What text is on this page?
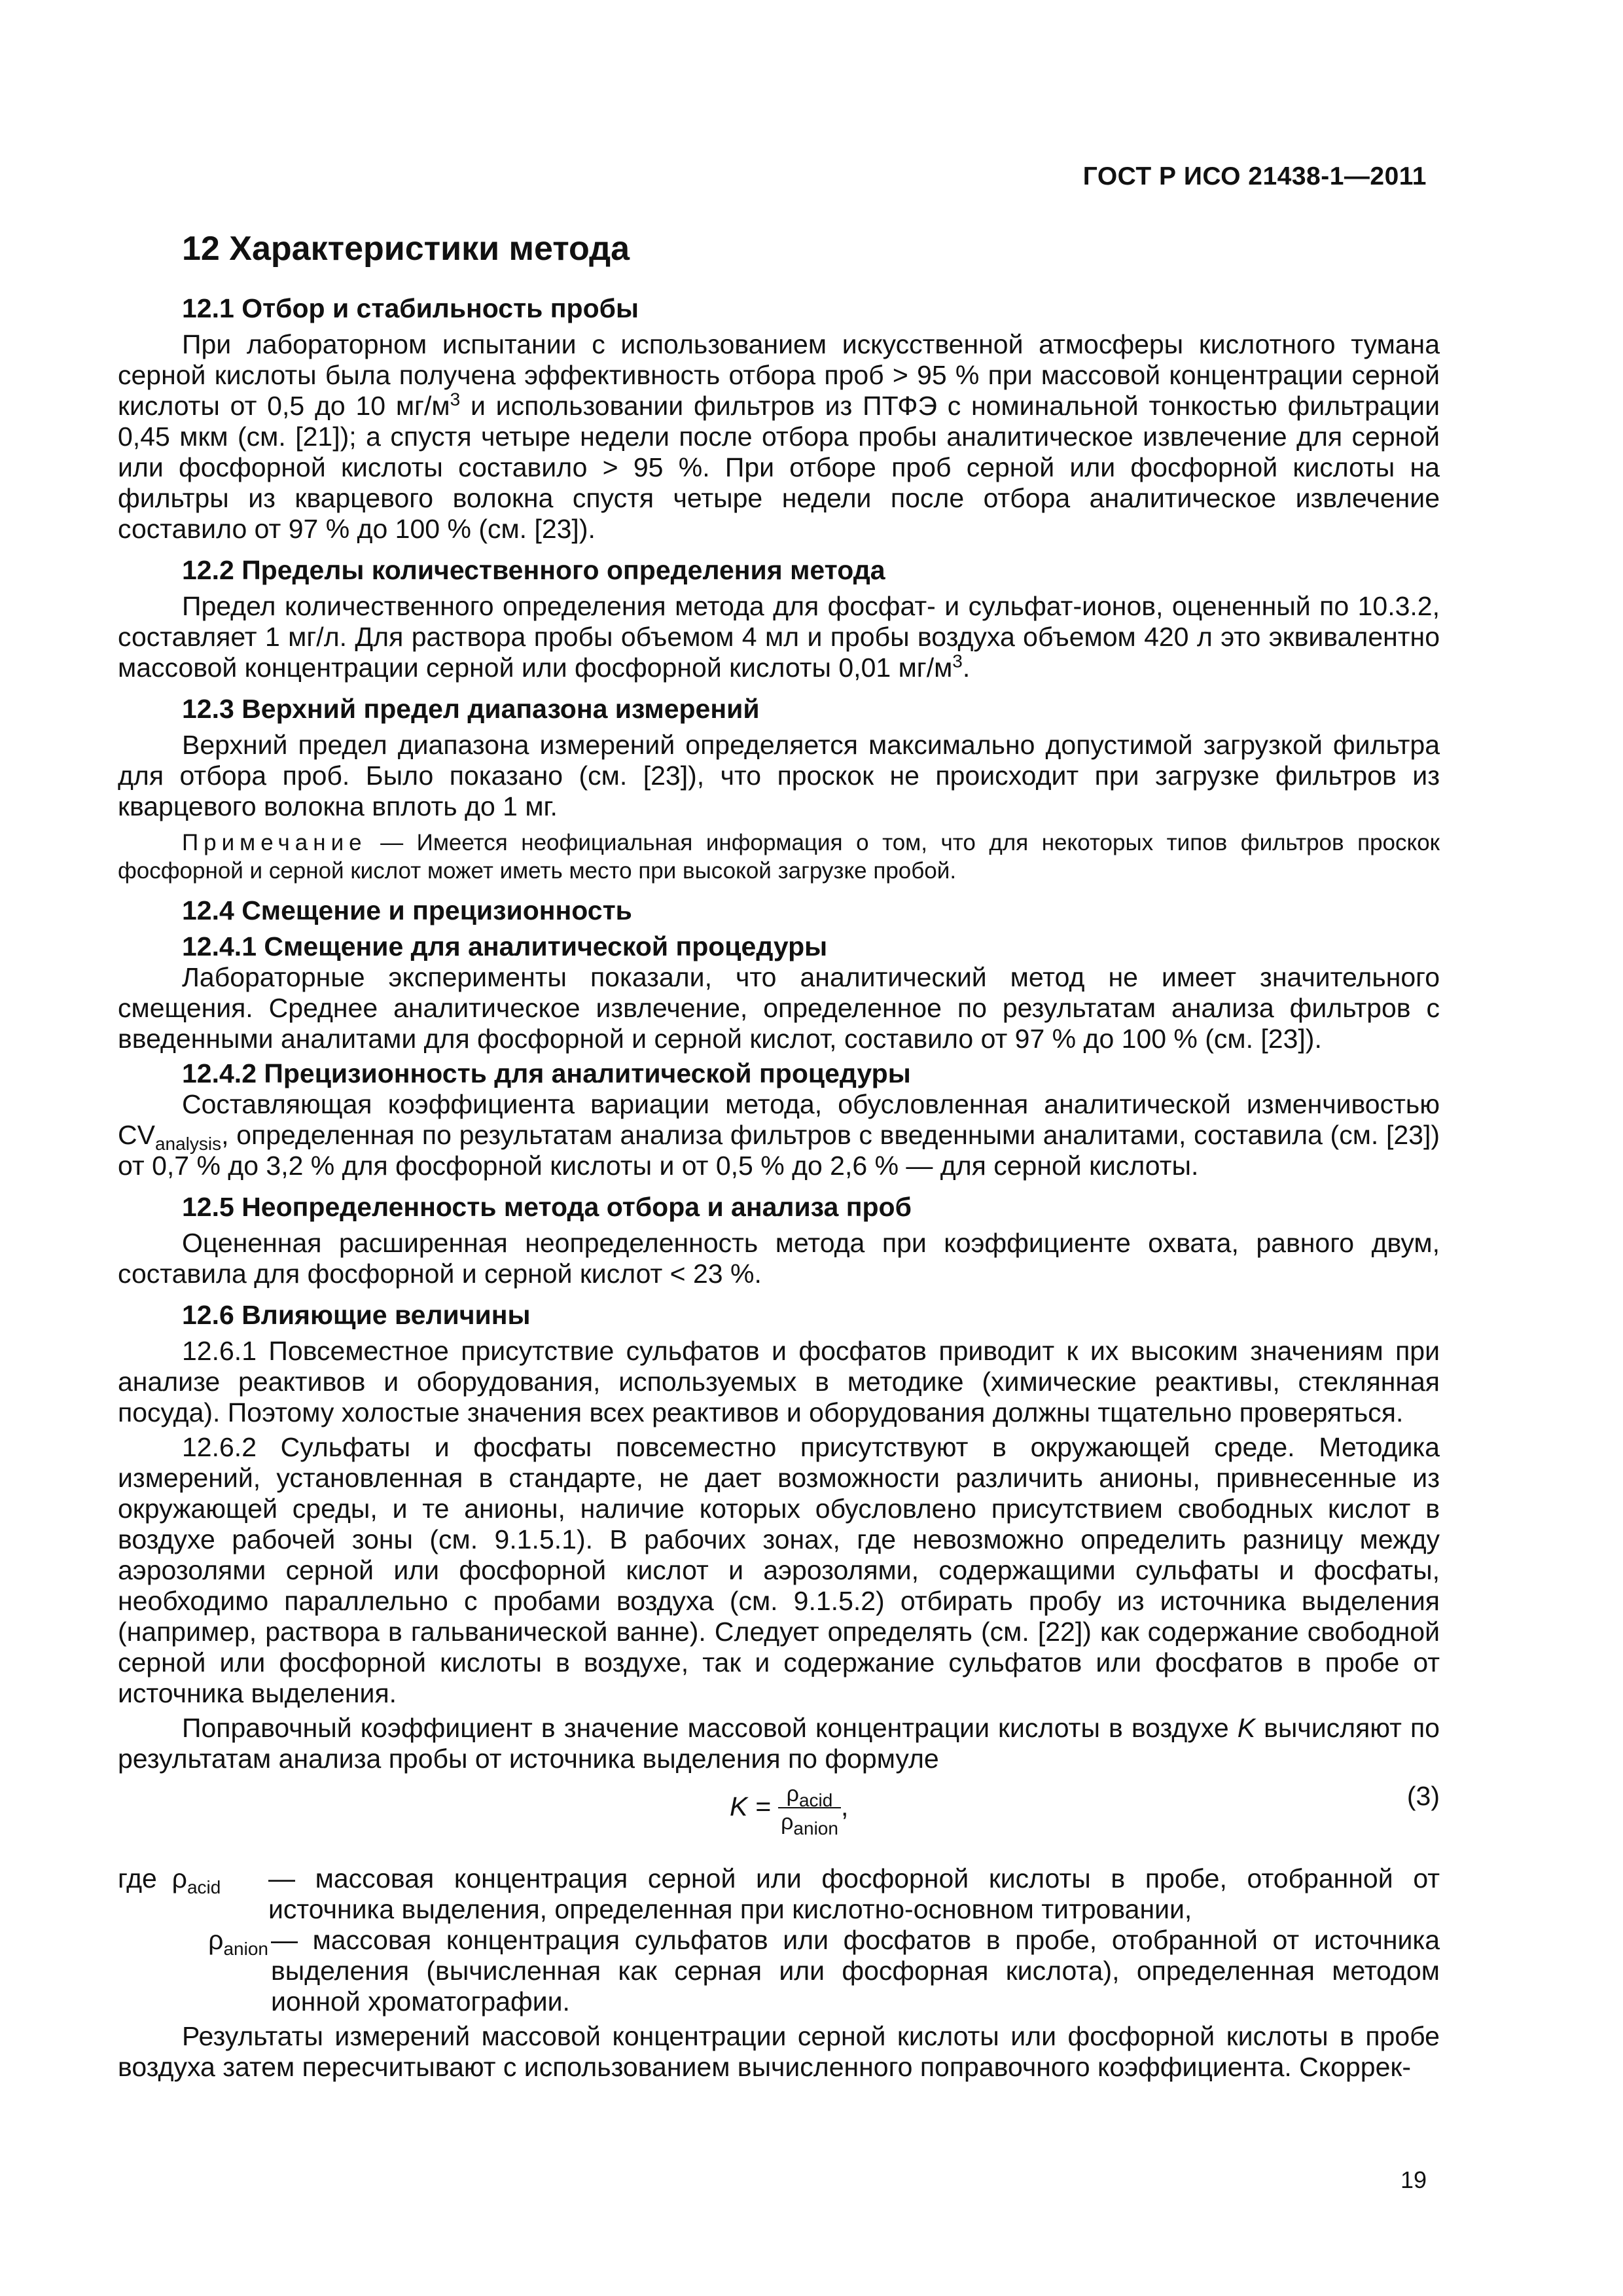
ГОСТ Р ИСО 21438-1—2011
12 Характеристики метода
12.1 Отбор и стабильность пробы

При лабораторном испытании с использованием искусственной атмосферы кислотного тумана серной кислоты была получена эффективность отбора проб > 95 % при массовой концентрации серной кислоты от 0,5 до 10 $мг/м^3$ и использовании фильтров из ПТФЭ с номинальной тонкостью фильтрации 0,45 мкм (см. [21]); а спустя четыре недели после отбора пробы аналитическое извлечение для серной или фосфорной кислоты составило > 95 %. При отборе проб серной или фосфорной кислоты на фильтры из кварцевого волокна спустя четыре недели после отбора аналитическое извлечение составило от 97 % до 100 % (см. [23]).

12.2 Пределы количественного определения метода

Предел количественного определения метода для фосфат- и сульфат-ионов, оцененный по 10.3.2, составляет 1 мг/л. Для раствора пробы объемом 4 мл и пробы воздуха объемом 420 л это эквивалентно массовой концентрации серной или фосфорной кислоты 0,01 $мг/м^3$.

12.3 Верхний предел диапазона измерений

Верхний предел диапазона измерений определяется максимально допустимой загрузкой фильтра для отбора проб. Было показано (см. [23]), что проскок не происходит при загрузке фильтров из кварцевого волокна вплоть до 1 мг.

Примечание — Имеется неофициальная информация о том, что для некоторых типов фильтров проскок фосфорной и серной кислот может иметь место при высокой загрузке пробой.
12.4 Смещение и прецизионность
12.4.1 Смещение для аналитической процедуры

Лабораторные эксперименты показали, что аналитический метод не имеет значительного смещения. Среднее аналитическое извлечение, определенное по результатам анализа фильтров с введенными аналитами для фосфорной и серной кислот, составило от 97 % до 100 % (см. [23]).

12.4.2 Прецизионность для аналитической процедуры

Составляющая коэффициента вариации метода, обусловленная аналитической изменчивостью $CV_{analysis}$, определенная по результатам анализа фильтров с введенными аналитами, составила (см. [23]) от 0,7 % до 3,2 % для фосфорной кислоты и от 0,5 % до 2,6 % — для серной кислоты.

12.5 Неопределенность метода отбора и анализа проб

Оцененная расширенная неопределенность метода при коэффициенте охвата, равного двум, составила для фосфорной и серной кислот < 23 %.

12.6 Влияющие величины

12.6.1 Повсеместное присутствие сульфатов и фосфатов приводит к их высоким значениям при анализе реактивов и оборудования, используемых в методике (химические реактивы, стеклянная посуда). Поэтому холостые значения всех реактивов и оборудования должны тщательно проверяться.

12.6.2 Сульфаты и фосфаты повсеместно присутствуют в окружающей среде. Методика измерений, установленная в стандарте, не дает возможности различить анионы, привнесенные из окружающей среды, и те анионы, наличие которых обусловлено присутствием свободных кислот в воздухе рабочей зоны (см. 9.1.5.1). В рабочих зонах, где невозможно определить разницу между аэрозолями серной или фосфорной кислот и аэрозолями, содержащими сульфаты и фосфаты, необходимо параллельно с пробами воздуха (см. 9.1.5.2) отбирать пробу из источника выделения (например, раствора в гальванической ванне). Следует определять (см. [22]) как содержание свободной серной или фосфорной кислоты в воздухе, так и содержание сульфатов или фосфатов в пробе от источника выделения.

Поправочный коэффициент в значение массовой концентрации кислоты в воздухе K вычисляют по результатам анализа пробы от источника выделения по формуле

$K = \frac{\rho_{acid}}{\rho_{anion}}$ ,	(3)
где $\rho_{acid}$	— массовая концентрация серной или фосфорной кислоты в пробе, отобранной от источника выделения, определенная при кислотно-основном титровании,
$\rho_{anion}$ — массовая концентрация сульфатов или фосфатов в пробе, отобранной от источника выделения (вычисленная как серная или фосфорная кислота), определенная методом ионной хроматографии.

Результаты измерений массовой концентрации серной кислоты или фосфорной кислоты в пробе воздуха затем пересчитывают с использованием вычисленного поправочного коэффициента. Скоррек-

19
